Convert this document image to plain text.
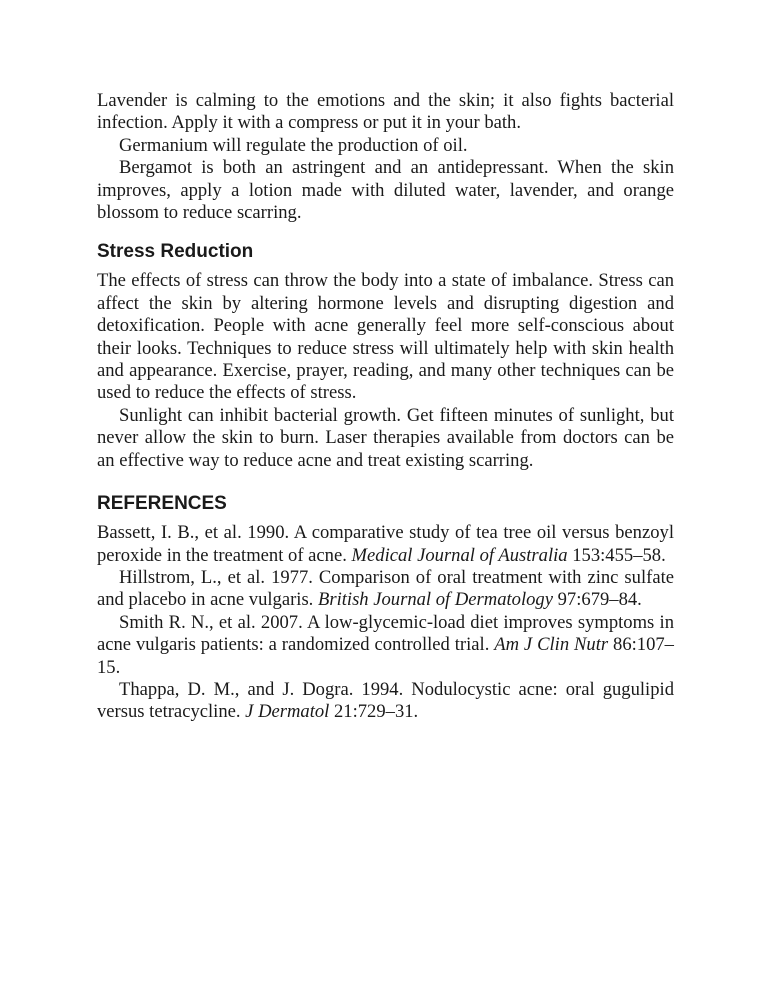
Lavender is calming to the emotions and the skin; it also fights bacterial infection. Apply it with a compress or put it in your bath.

Germanium will regulate the production of oil.

Bergamot is both an astringent and an antidepressant. When the skin improves, apply a lotion made with diluted water, lavender, and orange blossom to reduce scarring.

Stress Reduction

The effects of stress can throw the body into a state of imbalance. Stress can affect the skin by altering hormone levels and disrupting digestion and detoxification. People with acne generally feel more self-conscious about their looks. Techniques to reduce stress will ultimately help with skin health and appearance. Exercise, prayer, reading, and many other techniques can be used to reduce the effects of stress.

Sunlight can inhibit bacterial growth. Get fifteen minutes of sunlight, but never allow the skin to burn. Laser therapies available from doctors can be an effective way to reduce acne and treat existing scarring.

REFERENCES

Bassett, I. B., et al. 1990. A comparative study of tea tree oil versus benzoyl peroxide in the treatment of acne. Medical Journal of Australia 153:455–58.

Hillstrom, L., et al. 1977. Comparison of oral treatment with zinc sulfate and placebo in acne vulgaris. British Journal of Dermatology 97:679–84.

Smith R. N., et al. 2007. A low-glycemic-load diet improves symptoms in acne vulgaris patients: a randomized controlled trial. Am J Clin Nutr 86:107–15.

Thappa, D. M., and J. Dogra. 1994. Nodulocystic acne: oral gugulipid versus tetracycline. J Dermatol 21:729–31.
